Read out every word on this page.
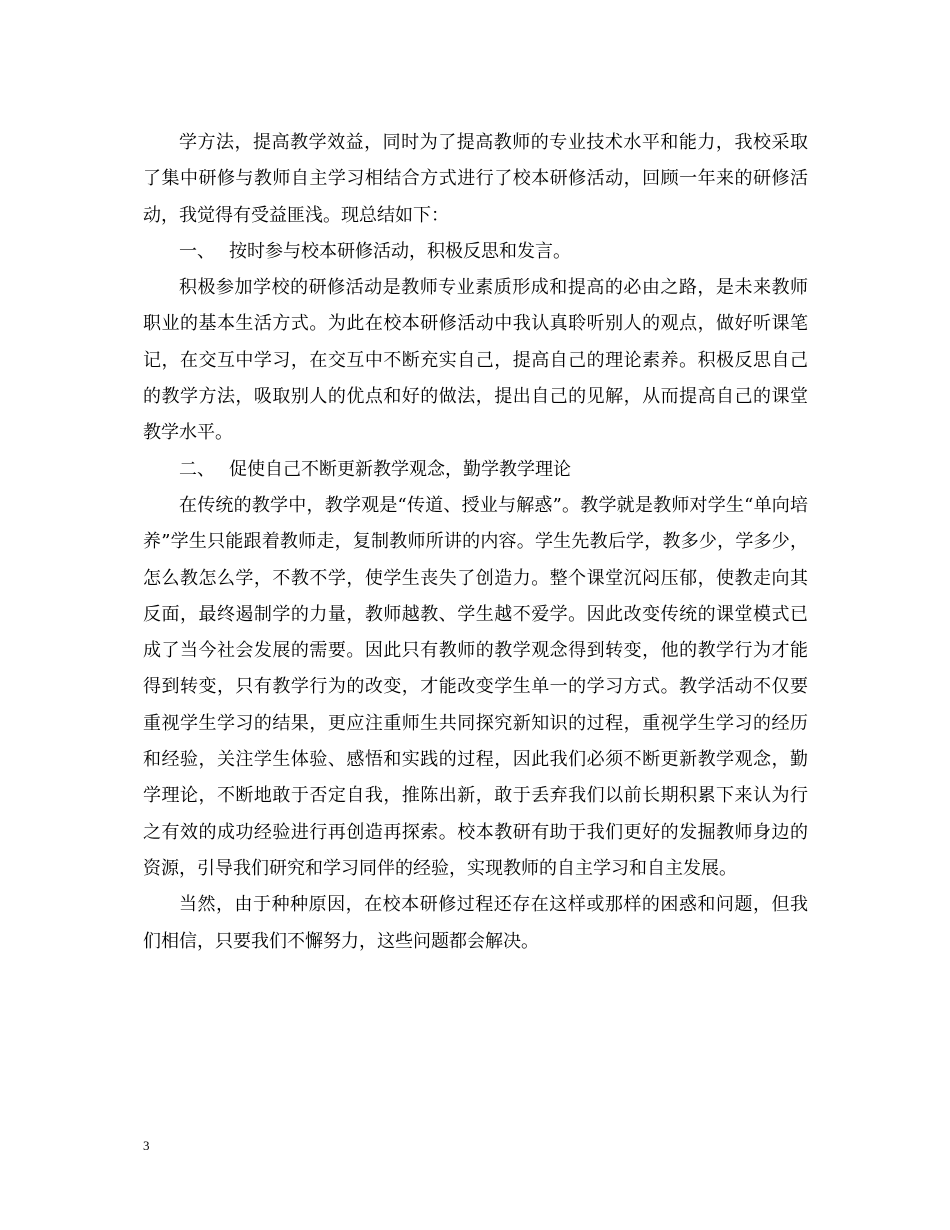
学方法，提高教学效益，同时为了提高教师的专业技术水平和能力，我校采取了集中研修与教师自主学习相结合方式进行了校本研修活动，回顾一年来的研修活动，我觉得有受益匪浅。现总结如下：

一、 按时参与校本研修活动，积极反思和发言。

积极参加学校的研修活动是教师专业素质形成和提高的必由之路，是未来教师职业的基本生活方式。为此在校本研修活动中我认真聆听别人的观点，做好听课笔记，在交互中学习，在交互中不断充实自己，提高自己的理论素养。积极反思自己的教学方法，吸取别人的优点和好的做法，提出自己的见解，从而提高自己的课堂教学水平。

二、 促使自己不断更新教学观念，勤学教学理论

在传统的教学中，教学观是“传道、授业与解惑”。教学就是教师对学生“单向培养”学生只能跟着教师走，复制教师所讲的内容。学生先教后学，教多少，学多少，怎么教怎么学，不教不学，使学生丧失了创造力。整个课堂沉闷压郁，使教走向其反面，最终遏制学的力量，教师越教、学生越不爱学。因此改变传统的课堂模式已成了当今社会发展的需要。因此只有教师的教学观念得到转变，他的教学行为才能得到转变，只有教学行为的改变，才能改变学生单一的学习方式。教学活动不仅要重视学生学习的结果，更应注重师生共同探究新知识的过程，重视学生学习的经历和经验，关注学生体验、感悟和实践的过程，因此我们必须不断更新教学观念，勤学理论，不断地敢于否定自我，推陈出新，敢于丢弃我们以前长期积累下来认为行之有效的成功经验进行再创造再探索。校本教研有助于我们更好的发掘教师身边的资源，引导我们研究和学习同伴的经验，实现教师的自主学习和自主发展。

当然，由于种种原因，在校本研修过程还存在这样或那样的困惑和问题，但我们相信，只要我们不懈努力，这些问题都会解决。

3
